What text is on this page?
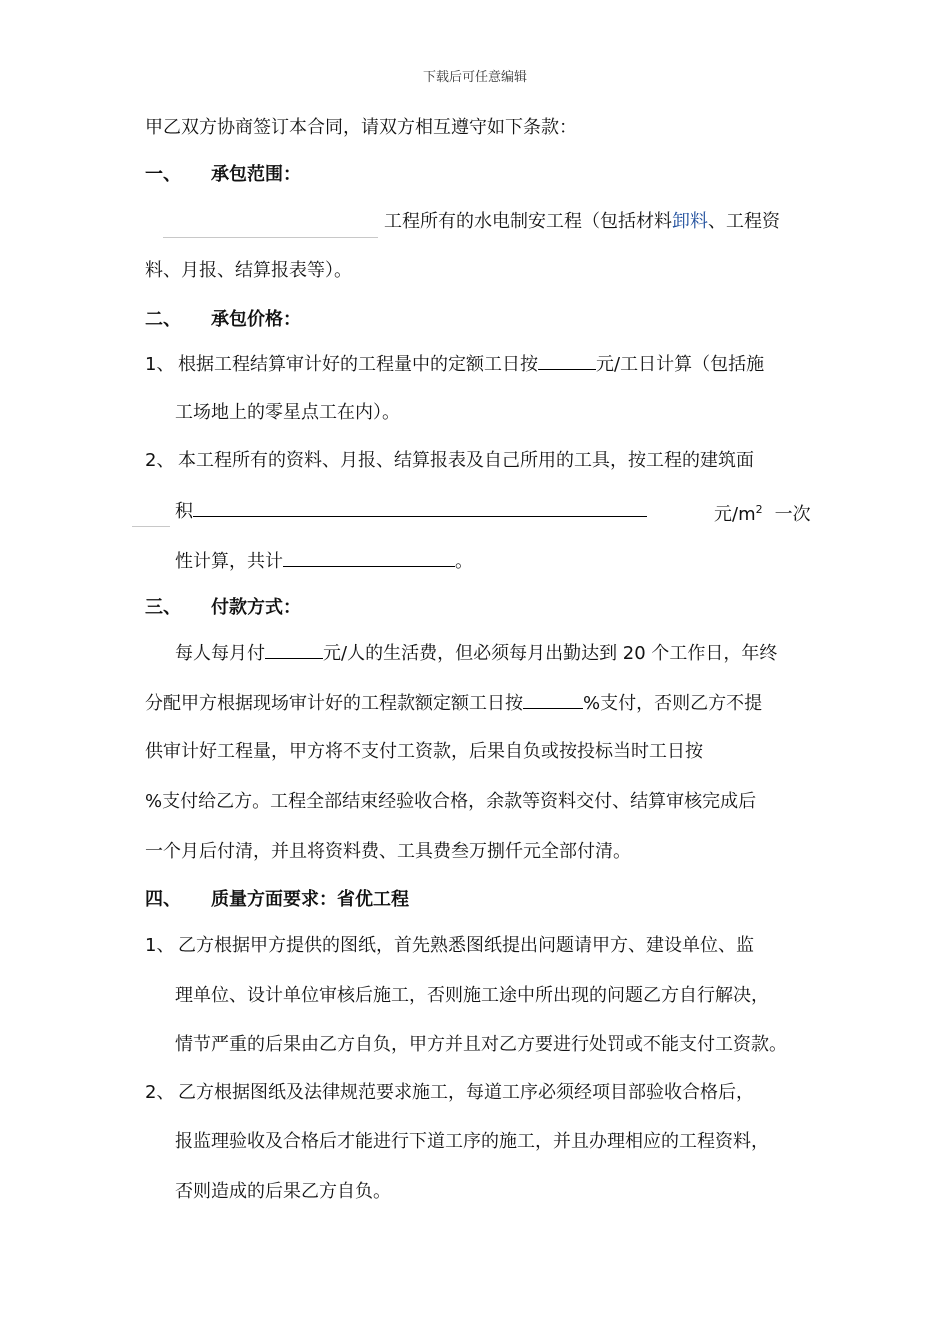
下载后可任意编辑
甲乙双方协商签订本合同，请双方相互遵守如下条款：
一、 承包范围：
工程所有的水电制安工程（包括材料卸料、工程资
料、月报、结算报表等）。
二、 承包价格：
1、 根据工程结算审计好的工程量中的定额工日按	元/工日计算（包括施
工场地上的零星点工在内）。
2、 本工程所有的资料、月报、结算报表及自己所用的工具，按工程的建筑面
积	元$/m^2$ 一次
性计算，共计	。
三、 付款方式：
每人每月付	元/人的生活费，但必须每月出勤达到 20 个工作日，年终
分配甲方根据现场审计好的工程款额定额工日按	%支付，否则乙方不提
供审计好工程量，甲方将不支付工资款，后果自负或按投标当时工日按
%支付给乙方。工程全部结束经验收合格，余款等资料交付、结算审核完成后
一个月后付清，并且将资料费、工具费叁万捌仟元全部付清。
四、 质量方面要求：省优工程
1、 乙方根据甲方提供的图纸，首先熟悉图纸提出问题请甲方、建设单位、监
理单位、设计单位审核后施工，否则施工途中所出现的问题乙方自行解决，
情节严重的后果由乙方自负，甲方并且对乙方要进行处罚或不能支付工资款。
2、 乙方根据图纸及法律规范要求施工，每道工序必须经项目部验收合格后，
报监理验收及合格后才能进行下道工序的施工，并且办理相应的工程资料，
否则造成的后果乙方自负。
